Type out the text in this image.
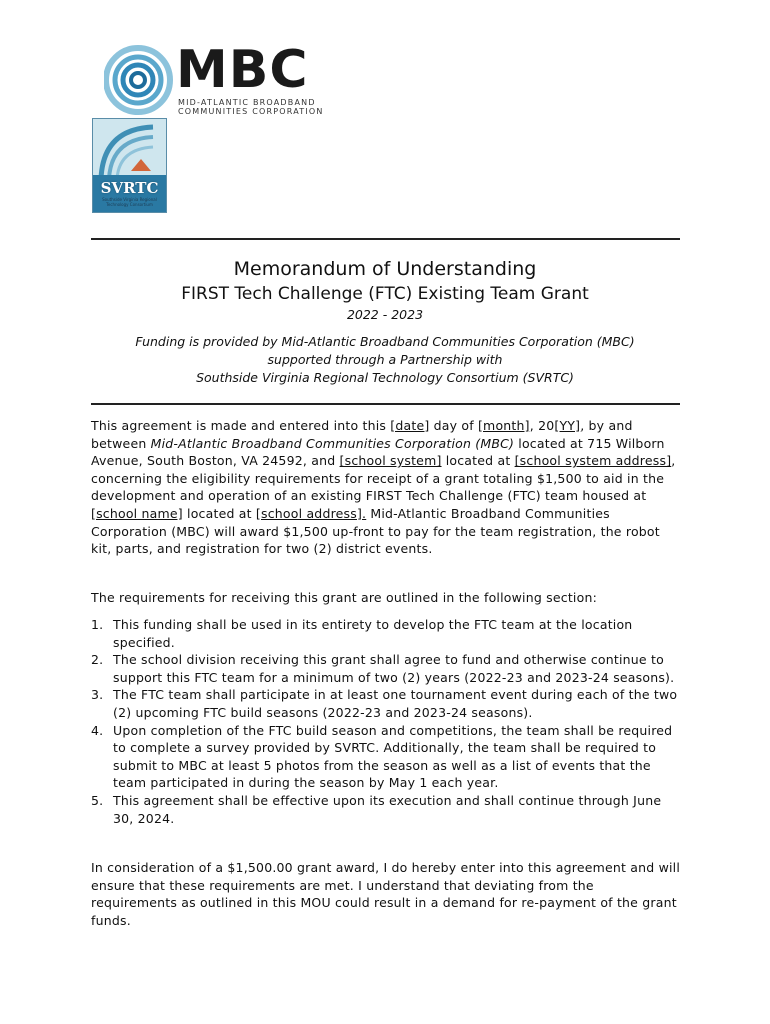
MBC
MID-ATLANTIC BROADBAND
COMMUNITIES CORPORATION
SVRTC
Southside Virginia Regional Technology Consortium
Memorandum of Understanding
FIRST Tech Challenge (FTC) Existing Team Grant
2022 - 2023
Funding is provided by Mid-Atlantic Broadband Communities Corporation (MBC)
supported through a Partnership with
Southside Virginia Regional Technology Consortium (SVRTC)
This agreement is made and entered into this [date] day of [month], 20[YY], by and between Mid-Atlantic Broadband Communities Corporation (MBC) located at 715 Wilborn Avenue, South Boston, VA 24592, and [school system] located at [school system address], concerning the eligibility requirements for receipt of a grant totaling $1,500 to aid in the development and operation of an existing FIRST Tech Challenge (FTC) team housed at [school name] located at [school address]. Mid-Atlantic Broadband Communities Corporation (MBC) will award $1,500 up-front to pay for the team registration, the robot kit, parts, and registration for two (2) district events.
The requirements for receiving this grant are outlined in the following section:
1. This funding shall be used in its entirety to develop the FTC team at the location specified.
2. The school division receiving this grant shall agree to fund and otherwise continue to support this FTC team for a minimum of two (2) years (2022-23 and 2023-24 seasons).
3. The FTC team shall participate in at least one tournament event during each of the two (2) upcoming FTC build seasons (2022-23 and 2023-24 seasons).
4. Upon completion of the FTC build season and competitions, the team shall be required to complete a survey provided by SVRTC. Additionally, the team shall be required to submit to MBC at least 5 photos from the season as well as a list of events that the team participated in during the season by May 1 each year.
5. This agreement shall be effective upon its execution and shall continue through June 30, 2024.
In consideration of a $1,500.00 grant award, I do hereby enter into this agreement and will ensure that these requirements are met. I understand that deviating from the requirements as outlined in this MOU could result in a demand for re-payment of the grant funds.
